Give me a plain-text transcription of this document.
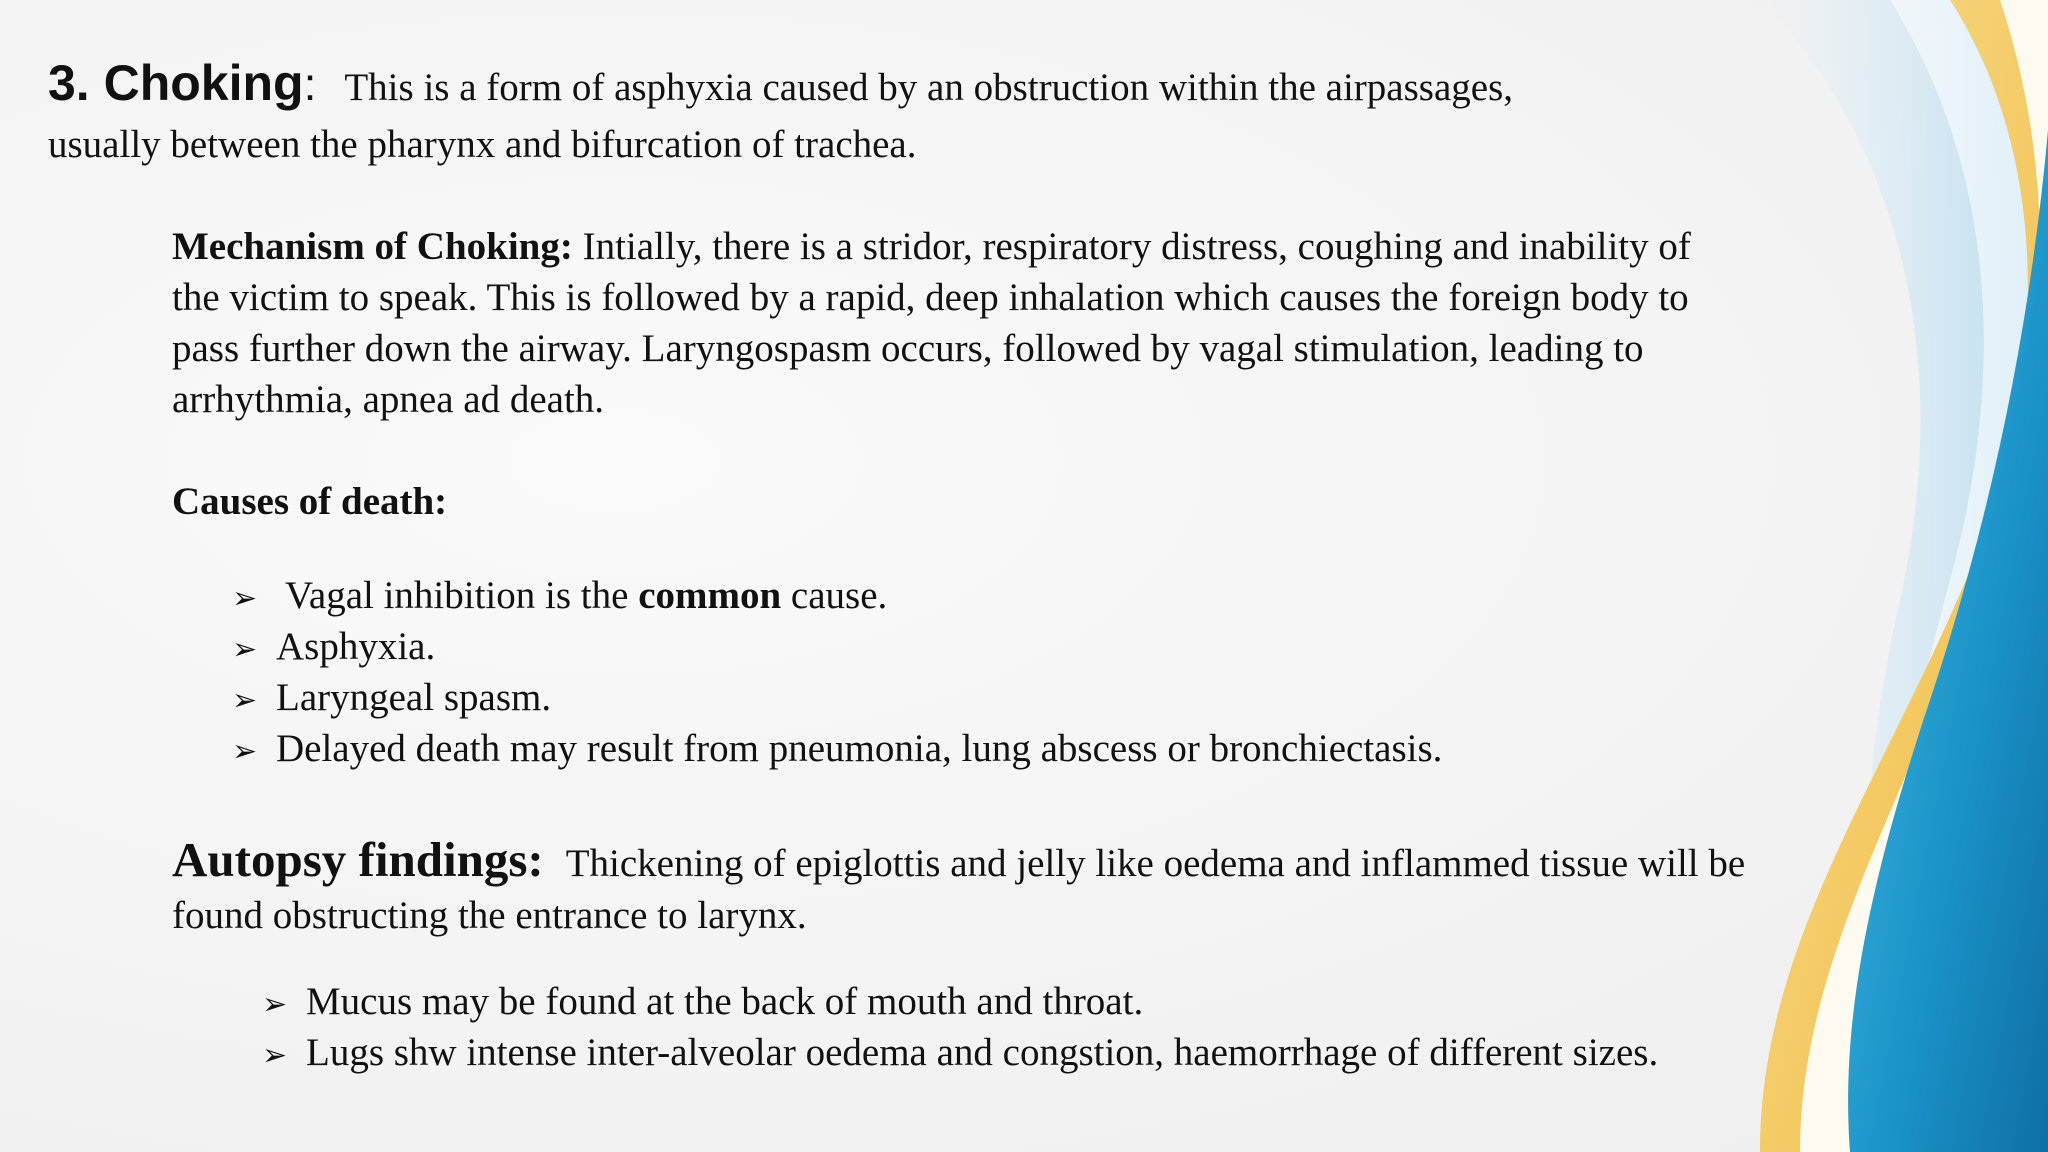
3. Choking: This is a form of asphyxia caused by an obstruction within the airpassages,
usually between the pharynx and bifurcation of trachea.
Mechanism of Choking: Intially, there is a stridor, respiratory distress, coughing and inability of
the victim to speak. This is followed by a rapid, deep inhalation which causes the foreign body to
pass further down the airway. Laryngospasm occurs, followed by vagal stimulation, leading to
arrhythmia, apnea ad death.
Causes of death:
➢ Vagal inhibition is the common cause.
➢ Asphyxia.
➢ Laryngeal spasm.
➢ Delayed death may result from pneumonia, lung abscess or bronchiectasis.
Autopsy findings: Thickening of epiglottis and jelly like oedema and inflammed tissue will be
found obstructing the entrance to larynx.
➢ Mucus may be found at the back of mouth and throat.
➢ Lugs shw intense inter-alveolar oedema and congstion, haemorrhage of different sizes.
